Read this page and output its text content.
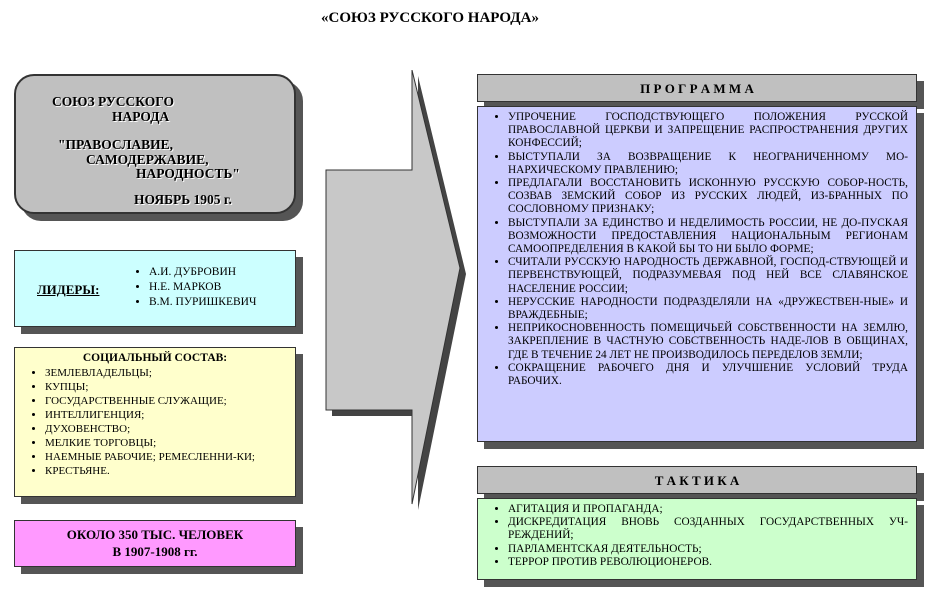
«СОЮЗ РУССКОГО НАРОДА»
СОЮЗ РУССКОГО
НАРОДА
"ПРАВОСЛАВИЕ,
САМОДЕРЖАВИЕ,
НАРОДНОСТЬ"
НОЯБРЬ 1905 г.
ЛИДЕРЫ:
• А.И. ДУБРОВИН
• Н.Е. МАРКОВ
• В.М. ПУРИШКЕВИЧ
СОЦИАЛЬНЫЙ СОСТАВ:
• ЗЕМЛЕВЛАДЕЛЬЦЫ;
• КУПЦЫ;
• ГОСУДАРСТВЕННЫЕ СЛУЖАЩИЕ;
• ИНТЕЛЛИГЕНЦИЯ;
• ДУХОВЕНСТВО;
• МЕЛКИЕ ТОРГОВЦЫ;
• НАЕМНЫЕ РАБОЧИЕ; РЕМЕСЛЕННИ-КИ;
• КРЕСТЬЯНЕ.
ОКОЛО 350 ТЫС. ЧЕЛОВЕК
В 1907-1908 гг.
П Р О Г Р А М М А
• УПРОЧЕНИЕ ГОСПОДСТВУЮЩЕГО ПОЛОЖЕНИЯ РУССКОЙ ПРАВОСЛАВНОЙ ЦЕРКВИ И ЗАПРЕЩЕНИЕ РАСПРОСТРАНЕНИЯ ДРУГИХ КОНФЕССИЙ;
• ВЫСТУПАЛИ ЗА ВОЗВРАЩЕНИЕ К НЕОГРАНИЧЕННОМУ МО-НАРХИЧЕСКОМУ ПРАВЛЕНИЮ;
• ПРЕДЛАГАЛИ ВОССТАНОВИТЬ ИСКОННУЮ РУССКУЮ СОБОР-НОСТЬ, СОЗВАВ ЗЕМСКИЙ СОБОР ИЗ РУССКИХ ЛЮДЕЙ, ИЗ-БРАННЫХ ПО СОСЛОВНОМУ ПРИЗНАКУ;
• ВЫСТУПАЛИ ЗА ЕДИНСТВО И НЕДЕЛИМОСТЬ РОССИИ, НЕ ДО-ПУСКАЯ ВОЗМОЖНОСТИ ПРЕДОСТАВЛЕНИЯ НАЦИОНАЛЬНЫМ РЕГИОНАМ САМООПРЕДЕЛЕНИЯ В КАКОЙ БЫ ТО НИ БЫЛО ФОРМЕ;
• СЧИТАЛИ РУССКУЮ НАРОДНОСТЬ ДЕРЖАВНОЙ, ГОСПОД-СТВУЮЩЕЙ И ПЕРВЕНСТВУЮЩЕЙ, ПОДРАЗУМЕВАЯ ПОД НЕЙ ВСЕ СЛАВЯНСКОЕ НАСЕЛЕНИЕ РОССИИ;
• НЕРУССКИЕ НАРОДНОСТИ ПОДРАЗДЕЛЯЛИ НА «ДРУЖЕСТВЕН-НЫЕ» И ВРАЖДЕБНЫЕ;
• НЕПРИКОСНОВЕННОСТЬ ПОМЕЩИЧЬЕЙ СОБСТВЕННОСТИ НА ЗЕМЛЮ, ЗАКРЕПЛЕНИЕ В ЧАСТНУЮ СОБСТВЕННОСТЬ НАДЕ-ЛОВ В ОБЩИНАХ, ГДЕ В ТЕЧЕНИЕ 24 ЛЕТ НЕ ПРОИЗВОДИЛОСЬ ПЕРЕДЕЛОВ ЗЕМЛИ;
• СОКРАЩЕНИЕ РАБОЧЕГО ДНЯ И УЛУЧШЕНИЕ УСЛОВИЙ ТРУДА РАБОЧИХ.
Т А К Т И К А
• АГИТАЦИЯ И ПРОПАГАНДА;
• ДИСКРЕДИТАЦИЯ ВНОВЬ СОЗДАННЫХ ГОСУДАРСТВЕННЫХ УЧ-РЕЖДЕНИЙ;
• ПАРЛАМЕНТСКАЯ ДЕЯТЕЛЬНОСТЬ;
• ТЕРРОР ПРОТИВ РЕВОЛЮЦИОНЕРОВ.
